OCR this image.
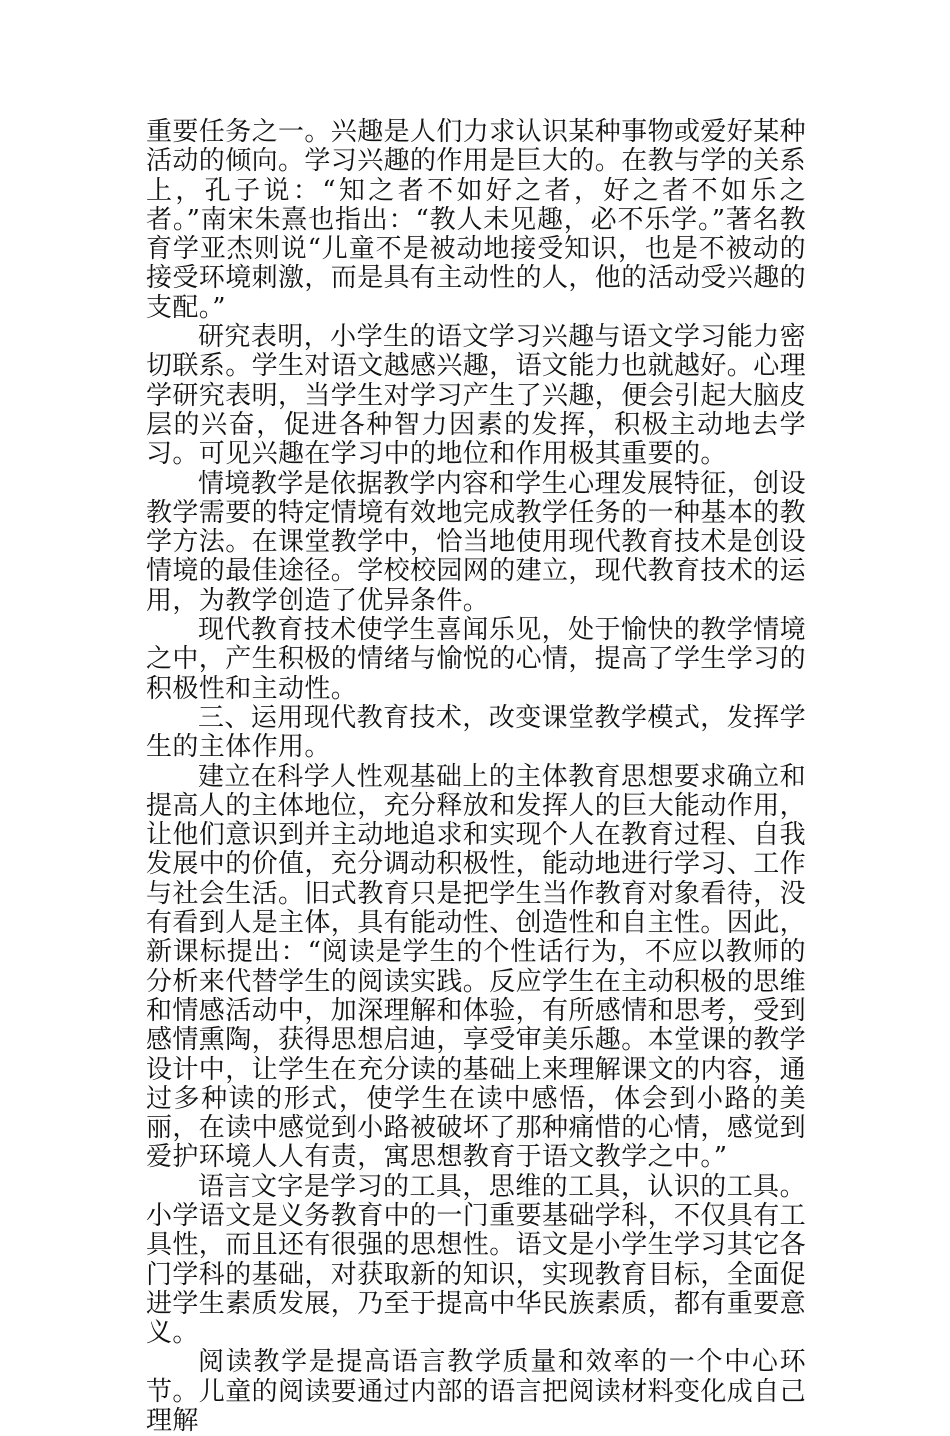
重要任务之一。兴趣是人们力求认识某种事物或爱好某种活动的倾向。学习兴趣的作用是巨大的。在教与学的关系上，孔子说：“知之者不如好之者，好之者不如乐之者。”南宋朱熹也指出：“教人未见趣，必不乐学。”著名教育学亚杰则说“儿童不是被动地接受知识，也是不被动的接受环境刺激，而是具有主动性的人，他的活动受兴趣的支配。”

研究表明，小学生的语文学习兴趣与语文学习能力密切联系。学生对语文越感兴趣，语文能力也就越好。心理学研究表明，当学生对学习产生了兴趣，便会引起大脑皮层的兴奋，促进各种智力因素的发挥，积极主动地去学习。可见兴趣在学习中的地位和作用极其重要的。

情境教学是依据教学内容和学生心理发展特征，创设教学需要的特定情境有效地完成教学任务的一种基本的教学方法。在课堂教学中，恰当地使用现代教育技术是创设情境的最佳途径。学校校园网的建立，现代教育技术的运用，为教学创造了优异条件。

现代教育技术使学生喜闻乐见，处于愉快的教学情境之中，产生积极的情绪与愉悦的心情，提高了学生学习的积极性和主动性。

三、运用现代教育技术，改变课堂教学模式，发挥学生的主体作用。

建立在科学人性观基础上的主体教育思想要求确立和提高人的主体地位，充分释放和发挥人的巨大能动作用，让他们意识到并主动地追求和实现个人在教育过程、自我发展中的价值，充分调动积极性，能动地进行学习、工作与社会生活。旧式教育只是把学生当作教育对象看待，没有看到人是主体，具有能动性、创造性和自主性。因此，新课标提出：“阅读是学生的个性话行为，不应以教师的分析来代替学生的阅读实践。反应学生在主动积极的思维和情感活动中，加深理解和体验，有所感情和思考，受到感情熏陶，获得思想启迪，享受审美乐趣。本堂课的教学设计中，让学生在充分读的基础上来理解课文的内容，通过多种读的形式，使学生在读中感悟，体会到小路的美丽，在读中感觉到小路被破坏了那种痛惜的心情，感觉到爱护环境人人有责，寓思想教育于语文教学之中。”

语言文字是学习的工具，思维的工具，认识的工具。小学语文是义务教育中的一门重要基础学科，不仅具有工具性，而且还有很强的思想性。语文是小学生学习其它各门学科的基础，对获取新的知识，实现教育目标，全面促进学生素质发展，乃至于提高中华民族素质，都有重要意义。

阅读教学是提高语言教学质量和效率的一个中心环节。儿童的阅读要通过内部的语言把阅读材料变化成自己理解
